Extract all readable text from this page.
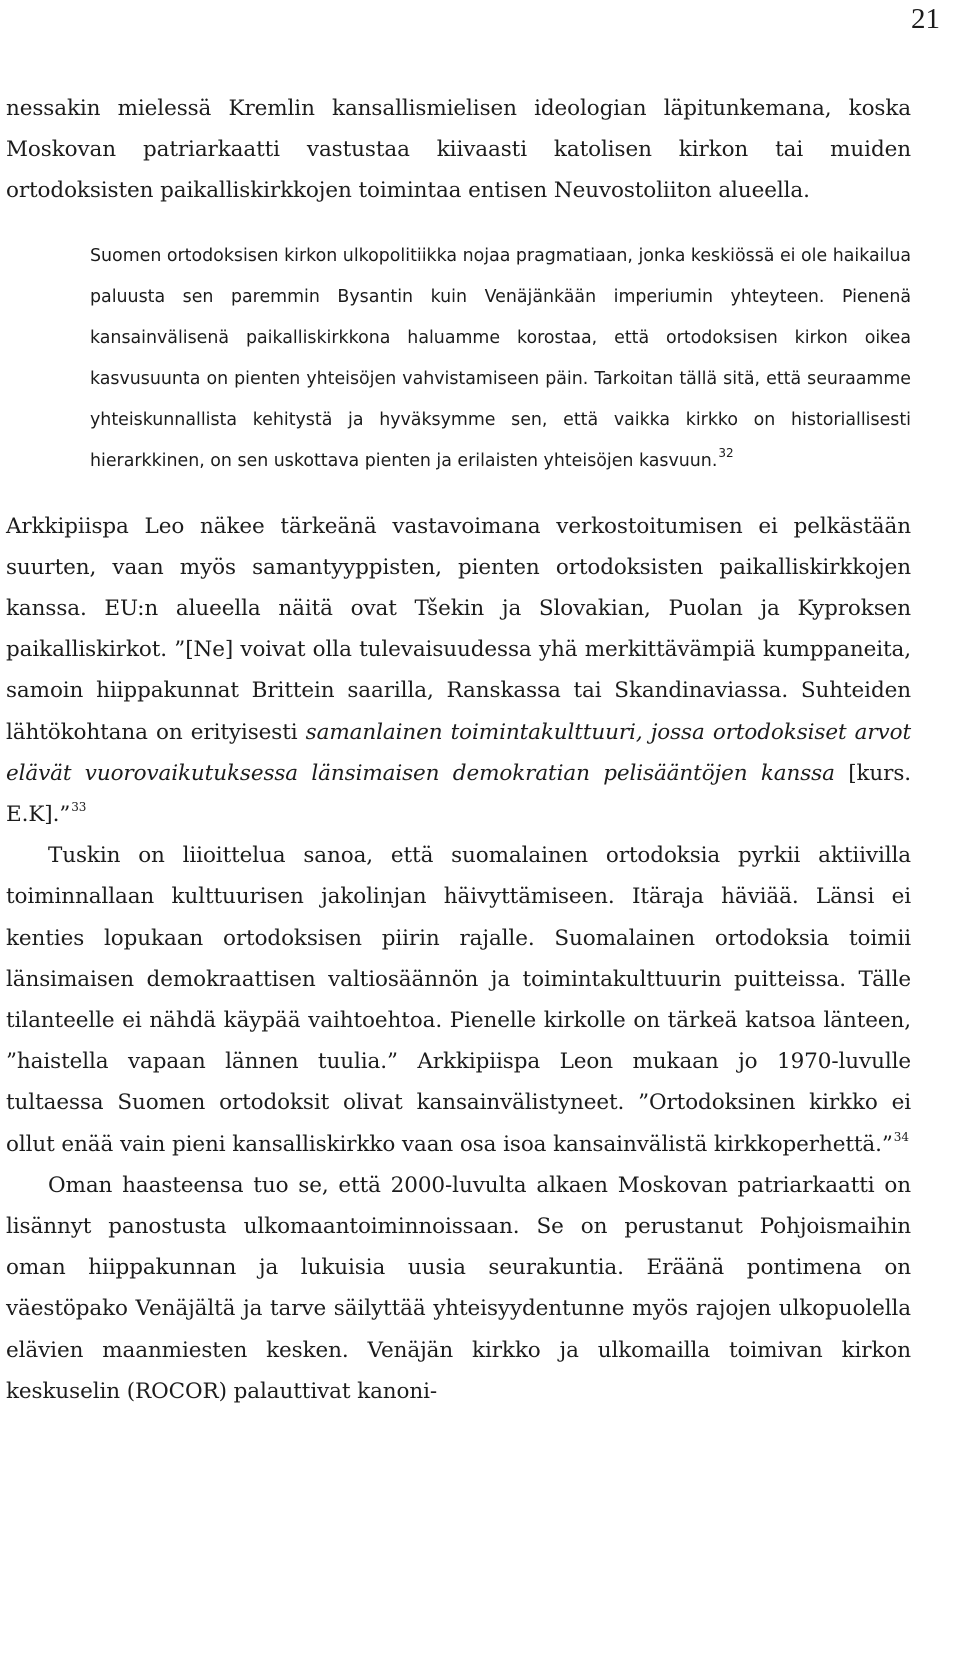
21

nessakin mielessä Kremlin kansallismielisen ideologian läpitunkemana, koska Moskovan patriarkaatti vastustaa kiivaasti katolisen kirkon tai muiden ortodoksisten paikalliskirkkojen toimintaa entisen Neuvostoliiton alueella.

Suomen ortodoksisen kirkon ulkopolitiikka nojaa pragmatiaan, jonka keskiössä ei ole haikailua paluusta sen paremmin Bysantin kuin Venäjänkään imperiumin yhteyteen. Pienenä kansainvälisenä paikalliskirkkona haluamme korostaa, että ortodoksisen kirkon oikea kasvusuunta on pienten yhteisöjen vahvistamiseen päin. Tarkoitan tällä sitä, että seuraamme yhteiskunnallista kehitystä ja hyväksymme sen, että vaikka kirkko on historiallisesti hierarkkinen, on sen uskottava pienten ja erilaisten yhteisöjen kasvuun.$^{32}$

Arkkipiispa Leo näkee tärkeänä vastavoimana verkostoitumisen ei pelkästään suurten, vaan myös samantyyppisten, pienten ortodoksisten paikalliskirkkojen kanssa. EU:n alueella näitä ovat Tšekin ja Slovakian, Puolan ja Kyproksen paikalliskirkot. ”[Ne] voivat olla tulevaisuudessa yhä merkittävämpiä kumppaneita, samoin hiippakunnat Brittein saarilla, Ranskassa tai Skandinaviassa. Suhteiden lähtökohtana on erityisesti samanlainen toimintakulttuuri, jossa ortodoksiset arvot elävät vuorovaikutuksessa länsimaisen demokratian pelisääntöjen kanssa [kurs. E.K].”$^{33}$

Tuskin on liioittelua sanoa, että suomalainen ortodoksia pyrkii aktiivilla toiminnallaan kulttuurisen jakolinjan häivyttämiseen. Itäraja häviää. Länsi ei kenties lopukaan ortodoksisen piirin rajalle. Suomalainen ortodoksia toimii länsimaisen demokraattisen valtiosäännön ja toimintakulttuurin puitteissa. Tälle tilanteelle ei nähdä käypää vaihtoehtoa. Pienelle kirkolle on tärkeä katsoa länteen, ”haistella vapaan lännen tuulia.” Arkkipiispa Leon mukaan jo 1970-luvulle tultaessa Suomen ortodoksit olivat kansainvälistyneet. ”Ortodoksinen kirkko ei ollut enää vain pieni kansalliskirkko vaan osa isoa kansainvälistä kirkkoperhettä.”$^{34}$

Oman haasteensa tuo se, että 2000-luvulta alkaen Moskovan patriarkaatti on lisännyt panostusta ulkomaantoiminnoissaan. Se on perustanut Pohjoismaihin oman hiippakunnan ja lukuisia uusia seurakuntia. Eräänä pontimena on väestöpako Venäjältä ja tarve säilyttää yhteisyydentunne myös rajojen ulkopuolella elävien maanmiesten kesken. Venäjän kirkko ja ulkomailla toimivan kirkon keskuselin (ROCOR) palauttivat kanoni-
